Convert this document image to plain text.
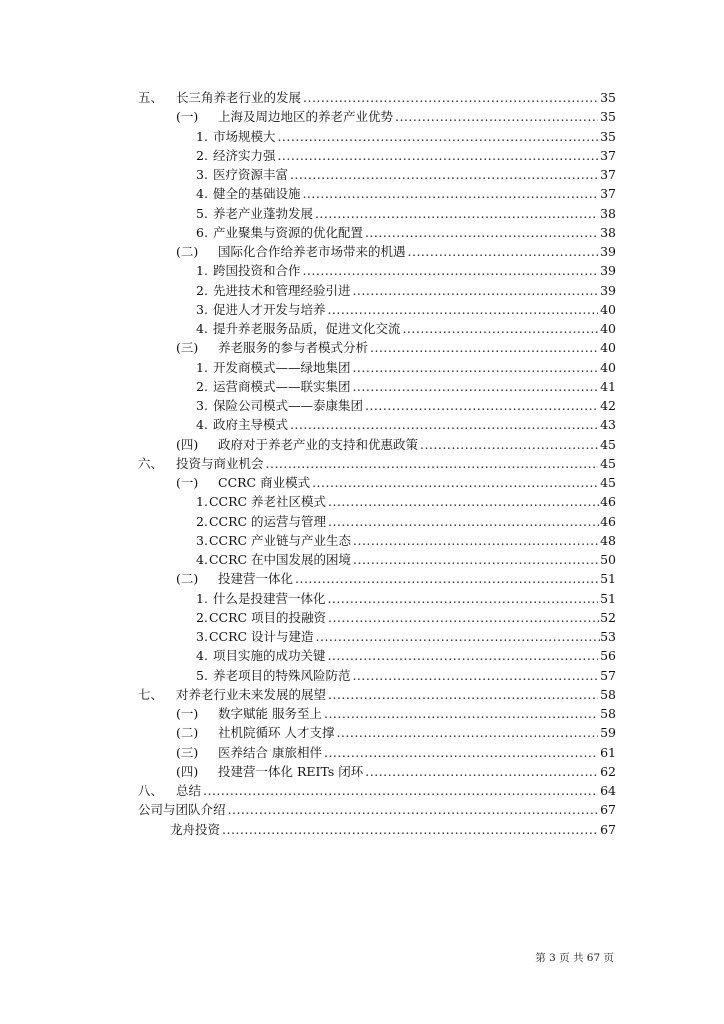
五、	长三角养老行业的发展 .....	35
(一)	上海及周边地区的养老产业优势 .....	35
1. 市场规模大 .....	35
2. 经济实力强 .....	37
3. 医疗资源丰富 .....	37
4. 健全的基础设施 .....	37
5. 养老产业蓬勃发展 .....	38
6. 产业聚集与资源的优化配置 .....	38
(二)	国际化合作给养老市场带来的机遇 .....	39
1. 跨国投资和合作 .....	39
2. 先进技术和管理经验引进 .....	39
3. 促进人才开发与培养 .....	40
4. 提升养老服务品质，促进文化交流 .....	40
(三)	养老服务的参与者模式分析 .....	40
1. 开发商模式——绿地集团 .....	40
2. 运营商模式——联实集团 .....	41
3. 保险公司模式——泰康集团 .....	42
4. 政府主导模式 .....	43
(四)	政府对于养老产业的支持和优惠政策 .....	45
六、	投资与商业机会 .....	45
(一)	CCRC 商业模式 .....	45
1. CCRC 养老社区模式 .....	46
2. CCRC 的运营与管理 .....	46
3. CCRC 产业链与产业生态 .....	48
4. CCRC 在中国发展的困境 .....	50
(二)	投建营一体化 .....	51
1. 什么是投建营一体化 .....	51
2. CCRC 项目的投融资 .....	52
3. CCRC 设计与建造 .....	53
4. 项目实施的成功关键 .....	56
5. 养老项目的特殊风险防范 .....	57
七、	对养老行业未来发展的展望 .....	58
(一)	数字赋能 服务至上 .....	58
(二)	社机院循环 人才支撑 .....	59
(三)	医养结合 康旅相伴 .....	61
(四)	投建营一体化 REITs 闭环 .....	62
八、	总结 .....	64
公司与团队介绍 .....	67
龙舟投资 .....	67
第 3 页 共 67 页
